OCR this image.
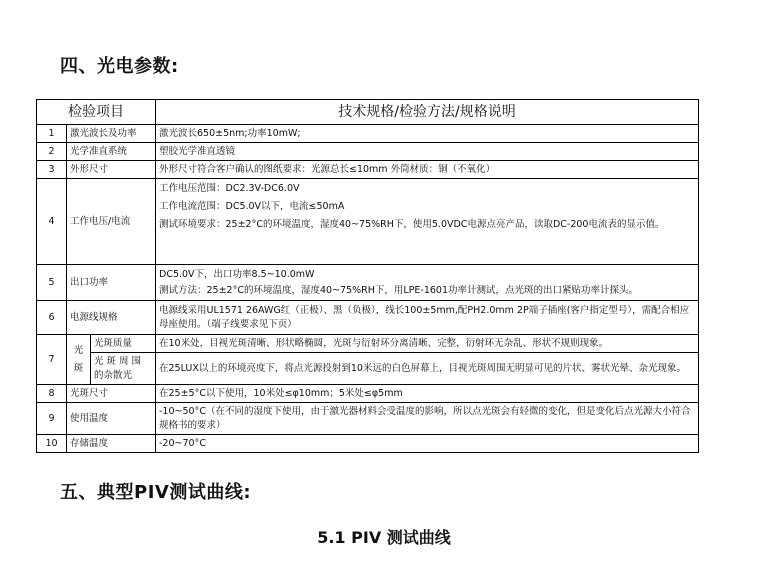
四、光电参数:
检验项目			技术规格/检验方法/规格说明
1	激光波长及功率		激光波长650±5nm;功率10mW;
2	光学准直系统		塑胶光学准直透镜
3	外形尺寸		外形尺寸符合客户确认的图纸要求：光源总长≤10mm 外筒材质：铜（不氧化）
4	工作电压/电流		工作电压范围：DC2.3V-DC6.0V
工作电流范围：DC5.0V以下，电流≤50mA
测试环境要求：25±2°C的环境温度，湿度40~75%RH下，使用5.0VDC电源点亮产品，读取DC-200电流表的显示值。

5	出口功率		DC5.0V下，出口功率8.5~10.0mW
测试方法：25±2°C的环境温度，湿度40~75%RH下，用LPE-1601功率计测试，点光斑的出口紧贴功率计探头。

6	电源线规格		电源线采用UL1571 26AWG红（正极）、黑（负极），线长100±5mm,配PH2.0mm 2P端子插座(客户指定型号），需配合相应母座使用。（端子线要求见下页）

7	光斑	光斑质量	在10米处，目视光斑清晰、形状略椭圆，光斑与衍射环分离清晰、完整，衍射环无杂乱、形状不规则现象。
		光 斑 周 围 的杂散光	在25LUX以上的环境亮度下，将点光源投射到10米远的白色屏幕上，目视光斑周围无明显可见的片状、雾状光晕、杂光现象。

8	光斑尺寸		在25±5°C以下使用，10米处≤φ10mm；5米处≤φ5mm
9	使用温度		-10~50°C（在不同的湿度下使用，由于激光器材料会受温度的影响，所以点光斑会有轻微的变化，但是变化后点光源大小符合规格书的要求）

10	存储温度		-20~70°C
五、典型PIV测试曲线:
5.1 PIV 测试曲线
